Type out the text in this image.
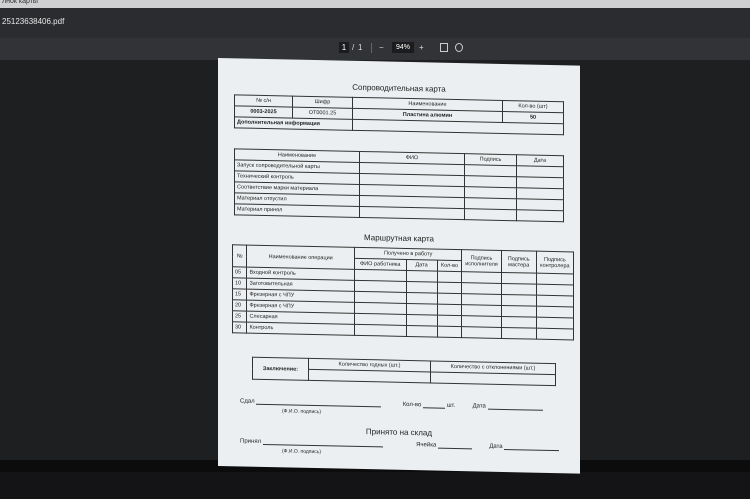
лнок карты
25123638406.pdf
1 / 1 −	94%	+
Сопроводительная карта
№ с/н	Шифр	Наименование	Кол-во (шт)
0003-2025	ОТ0001.25	Пластина алюмин	50
Дополнительная информация			
Наименование	ФИО	Подпись	Дата
Запуск сопроводительной карты			
Технический контроль			
Соответствие марки материала			
Материал отпустил			
Материал принял			
Маршрутная карта
№	Наименование операции	Получено в работу			Подпись исполнителя	Подпись мастера	Подпись контролера
		ФИО работника	Дата	Кол-во			
05	Входной контроль						
10	Заготовительная						
15	Фрезерная с ЧПУ						
20	Фрезерная с ЧПУ						
25	Слесарная						
30	Контроль						
Заключение:	Количество годных (шт.)	Количество с отклонениями (шт.)

Сдал   Кол-во	шт.	Дата
(Ф.И.О. подпись)
Принято на склад
Принял   Ячейка	Дата
(Ф.И.О. подпись)
